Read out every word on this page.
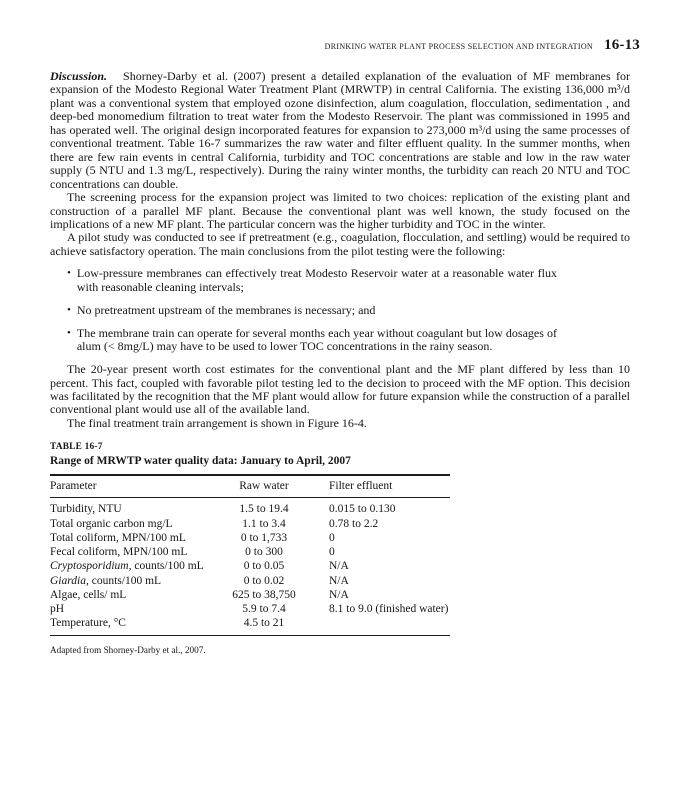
DRINKING WATER PLANT PROCESS SELECTION AND INTEGRATION 16-13

Discussion. Shorney-Darby et al. (2007) present a detailed explanation of the evaluation of MF membranes for expansion of the Modesto Regional Water Treatment Plant (MRWTP) in central California. The existing 136,000 m³/d plant was a conventional system that employed ozone disinfection, alum coagulation, flocculation, sedimentation , and deep-bed monomedium filtration to treat water from the Modesto Reservoir. The plant was commissioned in 1995 and has operated well. The original design incorporated features for expansion to 273,000 m³/d using the same processes of conventional treatment. Table 16-7 summarizes the raw water and filter effluent quality. In the summer months, when there are few rain events in central California, turbidity and TOC concentrations are stable and low in the raw water supply (5 NTU and 1.3 mg/L, respectively). During the rainy winter months, the turbidity can reach 20 NTU and TOC concentrations can double.

The screening process for the expansion project was limited to two choices: replication of the existing plant and construction of a parallel MF plant. Because the conventional plant was well known, the study focused on the implications of a new MF plant. The particular concern was the higher turbidity and TOC in the winter.

A pilot study was conducted to see if pretreatment (e.g., coagulation, flocculation, and settling) would be required to achieve satisfactory operation. The main conclusions from the pilot testing were the following:

• Low-pressure membranes can effectively treat Modesto Reservoir water at a reasonable water flux with reasonable cleaning intervals;
• No pretreatment upstream of the membranes is necessary; and
• The membrane train can operate for several months each year without coagulant but low dosages of alum (< 8mg/L) may have to be used to lower TOC concentrations in the rainy season.

The 20-year present worth cost estimates for the conventional plant and the MF plant differed by less than 10 percent. This fact, coupled with favorable pilot testing led to the decision to proceed with the MF option. This decision was facilitated by the recognition that the MF plant would allow for future expansion while the construction of a parallel conventional plant would use all of the available land.

The final treatment train arrangement is shown in Figure 16-4.

TABLE 16-7
Range of MRWTP water quality data: January to April, 2007
Parameter	Raw water	Filter effluent
Turbidity, NTU	1.5 to 19.4	0.015 to 0.130
Total organic carbon mg/L	1.1 to 3.4	0.78 to 2.2
Total coliform, MPN/100 mL	0 to 1,733	0
Fecal coliform, MPN/100 mL	0 to 300	0
Cryptosporidium, counts/100 mL	0 to 0.05	N/A
Giardia, counts/100 mL	0 to 0.02	N/A
Algae, cells/ mL	625 to 38,750	N/A
pH	5.9 to 7.4	8.1 to 9.0 (finished water)
Temperature, °C	4.5 to 21	
Adapted from Shorney-Darby et al., 2007.
